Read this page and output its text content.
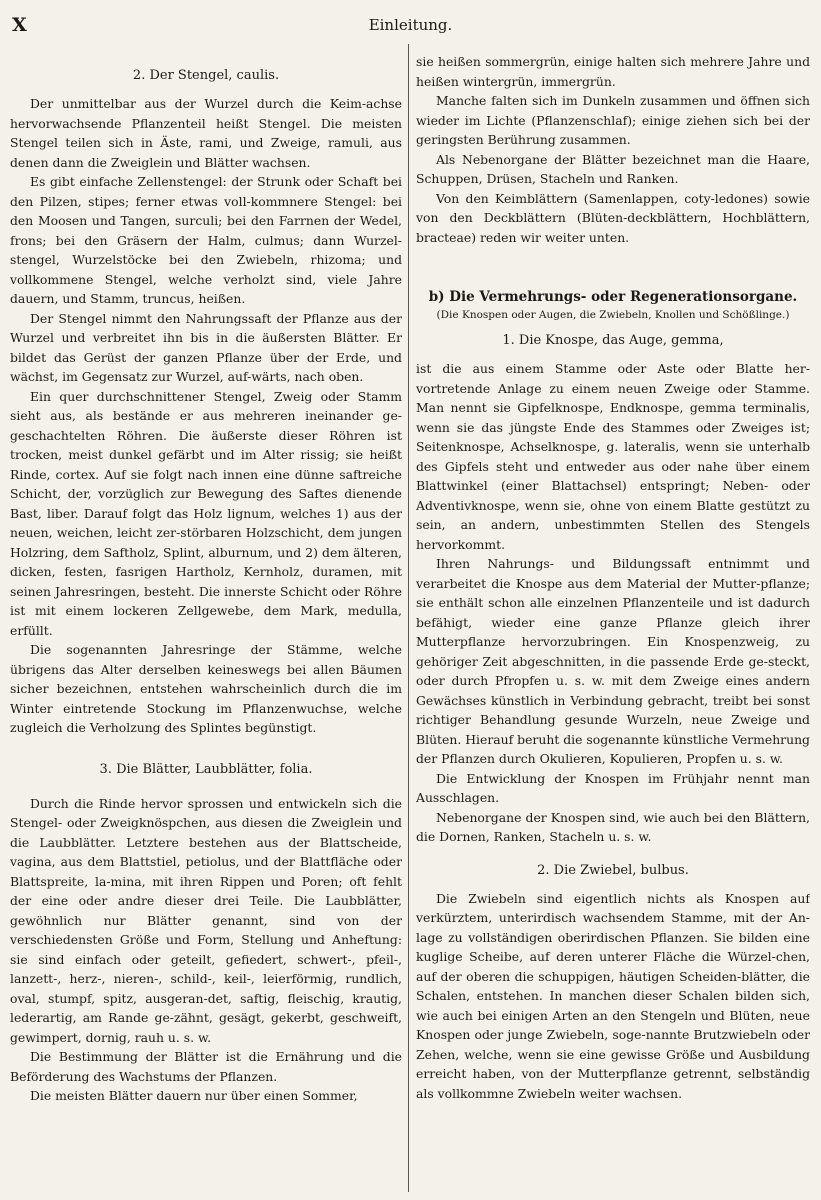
X	Einleitung.
2. Der Stengel, caulis.

Der unmittelbar aus der Wurzel durch die Keim-achse hervorwachsende Pflanzenteil heißt Stengel. Die meisten Stengel teilen sich in Äste, rami, und Zweige, ramuli, aus denen dann die Zweiglein und Blätter wachsen.

Es gibt einfache Zellenstengel: der Strunk oder Schaft bei den Pilzen, stipes; ferner etwas voll-kommnere Stengel: bei den Moosen und Tangen, surculi; bei den Farrnen der Wedel, frons; bei den Gräsern der Halm, culmus; dann Wurzel-stengel, Wurzelstöcke bei den Zwiebeln, rhizoma; und vollkommene Stengel, welche verholzt sind, viele Jahre dauern, und Stamm, truncus, heißen.

Der Stengel nimmt den Nahrungssaft der Pflanze aus der Wurzel und verbreitet ihn bis in die äußersten Blätter. Er bildet das Gerüst der ganzen Pflanze über der Erde, und wächst, im Gegensatz zur Wurzel, auf-wärts, nach oben.

Ein quer durchschnittener Stengel, Zweig oder Stamm sieht aus, als bestände er aus mehreren ineinander ge-geschachtelten Röhren. Die äußerste dieser Röhren ist trocken, meist dunkel gefärbt und im Alter rissig; sie heißt Rinde, cortex. Auf sie folgt nach innen eine dünne saftreiche Schicht, der, vorzüglich zur Bewegung des Saftes dienende Bast, liber. Darauf folgt das Holz lignum, welches 1) aus der neuen, weichen, leicht zer-störbaren Holzschicht, dem jungen Holzring, dem Saftholz, Splint, alburnum, und 2) dem älteren, dicken, festen, fasrigen Hartholz, Kernholz, duramen, mit seinen Jahresringen, besteht. Die innerste Schicht oder Röhre ist mit einem lockeren Zellgewebe, dem Mark, medulla, erfüllt.

Die sogenannten Jahresringe der Stämme, welche übrigens das Alter derselben keineswegs bei allen Bäumen sicher bezeichnen, entstehen wahrscheinlich durch die im Winter eintretende Stockung im Pflanzenwuchse, welche zugleich die Verholzung des Splintes begünstigt.

3. Die Blätter, Laubblätter, folia.

Durch die Rinde hervor sprossen und entwickeln sich die Stengel- oder Zweigknöspchen, aus diesen die Zweiglein und die Laubblätter. Letztere bestehen aus der Blattscheide, vagina, aus dem Blattstiel, petiolus, und der Blattfläche oder Blattspreite, la-mina, mit ihren Rippen und Poren; oft fehlt der eine oder andre dieser drei Teile. Die Laubblätter, gewöhnlich nur Blätter genannt, sind von der verschiedensten Größe und Form, Stellung und Anheftung: sie sind einfach oder geteilt, gefiedert, schwert-, pfeil-, lanzett-, herz-, nieren-, schild-, keil-, leierförmig, rundlich, oval, stumpf, spitz, ausgeran-det, saftig, fleischig, krautig, lederartig, am Rande ge-zähnt, gesägt, gekerbt, geschweift, gewimpert, dornig, rauh u. s. w.

Die Bestimmung der Blätter ist die Ernährung und die Beförderung des Wachstums der Pflanzen.

Die meisten Blätter dauern nur über einen Sommer,

sie heißen sommergrün, einige halten sich mehrere Jahre und heißen wintergrün, immergrün.

Manche falten sich im Dunkeln zusammen und öffnen sich wieder im Lichte (Pflanzenschlaf); einige ziehen sich bei der geringsten Berührung zusammen.

Als Nebenorgane der Blätter bezeichnet man die Haare, Schuppen, Drüsen, Stacheln und Ranken.

Von den Keimblättern (Samenlappen, coty-ledones) sowie von den Deckblättern (Blüten-deckblättern, Hochblättern, bracteae) reden wir weiter unten.

b) Die Vermehrungs- oder Regenerationsorgane.
(Die Knospen oder Augen, die Zwiebeln, Knollen und Schößlinge.)
1. Die Knospe, das Auge, gemma,

ist die aus einem Stamme oder Aste oder Blatte her-vortretende Anlage zu einem neuen Zweige oder Stamme. Man nennt sie Gipfelknospe, Endknospe, gemma terminalis, wenn sie das jüngste Ende des Stammes oder Zweiges ist; Seitenknospe, Achselknospe, g. lateralis, wenn sie unterhalb des Gipfels steht und entweder aus oder nahe über einem Blattwinkel (einer Blattachsel) entspringt; Neben- oder Adventivknospe, wenn sie, ohne von einem Blatte gestützt zu sein, an andern, unbestimmten Stellen des Stengels hervorkommt.

Ihren Nahrungs- und Bildungssaft entnimmt und verarbeitet die Knospe aus dem Material der Mutter-pflanze; sie enthält schon alle einzelnen Pflanzenteile und ist dadurch befähigt, wieder eine ganze Pflanze gleich ihrer Mutterpflanze hervorzubringen. Ein Knospenzweig, zu gehöriger Zeit abgeschnitten, in die passende Erde ge-steckt, oder durch Pfropfen u. s. w. mit dem Zweige eines andern Gewächses künstlich in Verbindung gebracht, treibt bei sonst richtiger Behandlung gesunde Wurzeln, neue Zweige und Blüten. Hierauf beruht die sogenannte künstliche Vermehrung der Pflanzen durch Okulieren, Kopulieren, Propfen u. s. w.

Die Entwicklung der Knospen im Frühjahr nennt man Ausschlagen.

Nebenorgane der Knospen sind, wie auch bei den Blättern, die Dornen, Ranken, Stacheln u. s. w.

2. Die Zwiebel, bulbus.

Die Zwiebeln sind eigentlich nichts als Knospen auf verkürztem, unterirdisch wachsendem Stamme, mit der An-lage zu vollständigen oberirdischen Pflanzen. Sie bilden eine kuglige Scheibe, auf deren unterer Fläche die Würzel-chen, auf der oberen die schuppigen, häutigen Scheiden-blätter, die Schalen, entstehen. In manchen dieser Schalen bilden sich, wie auch bei einigen Arten an den Stengeln und Blüten, neue Knospen oder junge Zwiebeln, soge-nannte Brutzwiebeln oder Zehen, welche, wenn sie eine gewisse Größe und Ausbildung erreicht haben, von der Mutterpflanze getrennt, selbständig als vollkommne Zwiebeln weiter wachsen.
